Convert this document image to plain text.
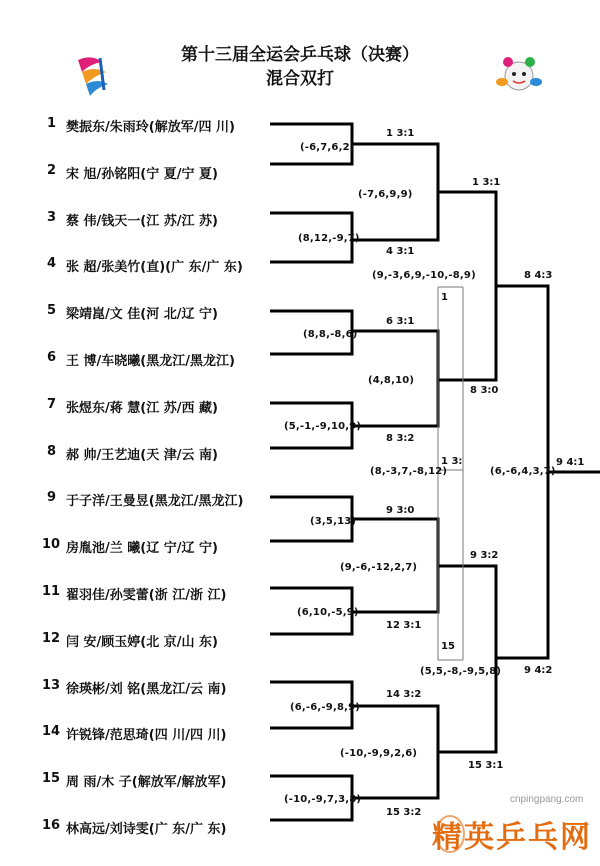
第十三届全运会乒乓球（决赛）
混合双打
1 樊振东/朱雨玲(解放军/四 川)
2 宋 旭/孙铭阳(宁 夏/宁 夏)
3 蔡 伟/钱天一(江 苏/江 苏)
4 张 超/张美竹(直)(广 东/广 东)
5 梁靖崑/文 佳(河 北/辽 宁)
6 王 博/车晓曦(黑龙江/黑龙江)
7 张煜东/蒋 慧(江 苏/西 藏)
8 郝 帅/王艺迪(天 津/云 南)
9 于子洋/王曼昱(黑龙江/黑龙江)
10 房胤池/兰 曦(辽 宁/辽 宁)
11 翟羽佳/孙雯蕾(浙 江/浙 江)
12 闫 安/顾玉婷(北 京/山 东)
13 徐瑛彬/刘 铭(黑龙江/云 南)
14 许锐锋/范思琦(四 川/四 川)
15 周 雨/木 子(解放军/解放军)
16 林高远/刘诗雯(广 东/广 东)
(-6,7,6,2)
1 3:1
(8,12,-9,7)
4 3:1
(8,8,-8,6)
6 3:1
(5,-1,-9,10,9)
8 3:2
(3,5,13)
9 3:0
(6,10,-5,9)
12 3:1
(6,-6,-9,8,9)
14 3:2
(-10,-9,7,3,8)
15 3:2
(-7,6,9,9)
1 3:1
(4,8,10)
8 3:0
(9,-6,-12,2,7)
9 3:2
(-10,-9,9,2,6)
15 3:1
(9,-3,6,9,-10,-8,9)
1
(8,-3,7,-8,12)
1 3:
(5,5,-8,-9,5,8)
15
8 4:3
(6,-6,4,3,7)
9 4:2
9 4:1
cnpingpang.com
精英乒乓网
